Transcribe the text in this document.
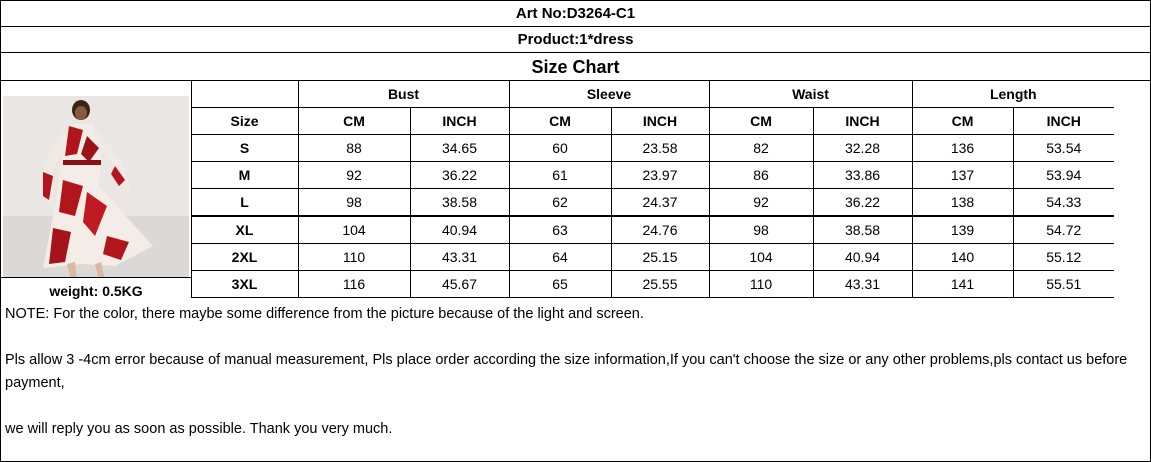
Art No:D3264-C1
Product:1*dress
Size Chart
		Bust		Sleeve		Waist		Length	
	Size	CM	INCH	CM	INCH	CM	INCH	CM	INCH
	S	88	34.65	60	23.58	82	32.28	136	53.54
	M	92	36.22	61	23.97	86	33.86	137	53.94
	L	98	38.58	62	24.37	92	36.22	138	54.33
	XL	104	40.94	63	24.76	98	38.58	139	54.72
	2XL	110	43.31	64	25.15	104	40.94	140	55.12
	3XL	116	45.67	65	25.55	110	43.31	141	55.51
weight: 0.5KG

NOTE: For the color, there maybe some difference from the picture because of the light and screen.

Pls allow 3 -4cm error because of manual measurement, Pls place order according the size information,If you can't choose the size or any other problems,pls contact us before payment,

we will reply you as soon as possible. Thank you very much.
